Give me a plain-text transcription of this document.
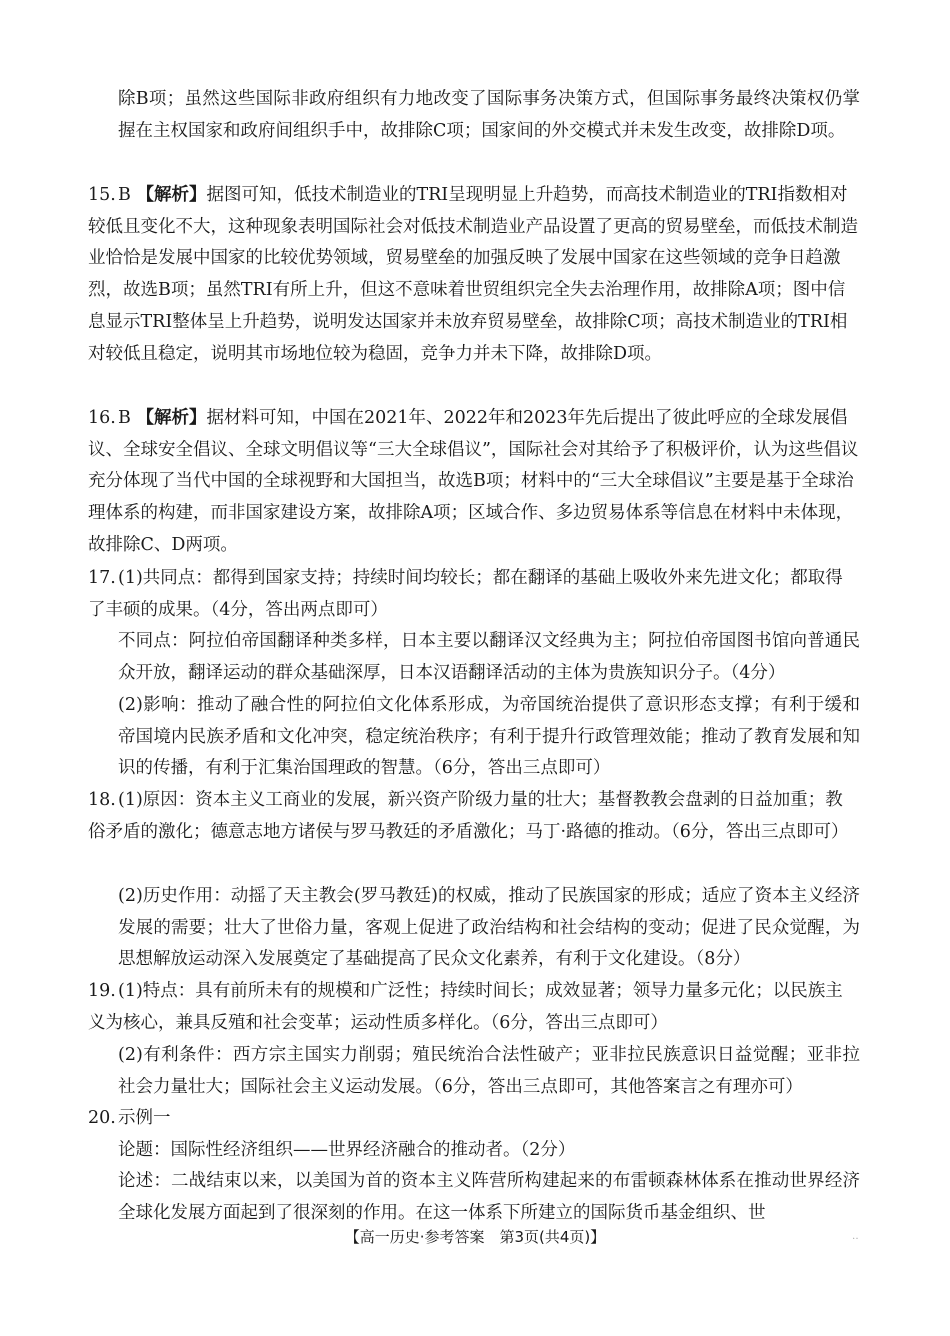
除B项；虽然这些国际非政府组织有力地改变了国际事务决策方式，但国际事务最终决策权仍掌握在主权国家和政府间组织手中，故排除C项；国家间的外交模式并未发生改变，故排除D项。

15. B 【解析】据图可知，低技术制造业的TRI呈现明显上升趋势，而高技术制造业的TRI指数相对较低且变化不大，这种现象表明国际社会对低技术制造业产品设置了更高的贸易壁垒，而低技术制造业恰恰是发展中国家的比较优势领域，贸易壁垒的加强反映了发展中国家在这些领域的竞争日趋激烈，故选B项；虽然TRI有所上升，但这不意味着世贸组织完全失去治理作用，故排除A项；图中信息显示TRI整体呈上升趋势，说明发达国家并未放弃贸易壁垒，故排除C项；高技术制造业的TRI相对较低且稳定，说明其市场地位较为稳固，竞争力并未下降，故排除D项。
16. B 【解析】据材料可知，中国在2021年、2022年和2023年先后提出了彼此呼应的全球发展倡议、全球安全倡议、全球文明倡议等“三大全球倡议”，国际社会对其给予了积极评价，认为这些倡议充分体现了当代中国的全球视野和大国担当，故选B项；材料中的“三大全球倡议”主要是基于全球治理体系的构建，而非国家建设方案，故排除A项；区域合作、多边贸易体系等信息在材料中未体现，故排除C、D两项。
17. (1)共同点：都得到国家支持；持续时间均较长；都在翻译的基础上吸收外来先进文化；都取得了丰硕的成果。（4分，答出两点即可）

不同点：阿拉伯帝国翻译种类多样，日本主要以翻译汉文经典为主；阿拉伯帝国图书馆向普通民众开放，翻译运动的群众基础深厚，日本汉语翻译活动的主体为贵族知识分子。（4分）

(2)影响：推动了融合性的阿拉伯文化体系形成，为帝国统治提供了意识形态支撑；有利于缓和帝国境内民族矛盾和文化冲突，稳定统治秩序；有利于提升行政管理效能；推动了教育发展和知识的传播，有利于汇集治国理政的智慧。（6分，答出三点即可）

18. (1)原因：资本主义工商业的发展，新兴资产阶级力量的壮大；基督教教会盘剥的日益加重；教俗矛盾的激化；德意志地方诸侯与罗马教廷的矛盾激化；马丁·路德的推动。（6分，答出三点即可）

(2)历史作用：动摇了天主教会(罗马教廷)的权威，推动了民族国家的形成；适应了资本主义经济发展的需要；壮大了世俗力量，客观上促进了政治结构和社会结构的变动；促进了民众觉醒，为思想解放运动深入发展奠定了基础提高了民众文化素养，有利于文化建设。（8分）

19. (1)特点：具有前所未有的规模和广泛性；持续时间长；成效显著；领导力量多元化；以民族主义为核心，兼具反殖和社会变革；运动性质多样化。（6分，答出三点即可）

(2)有利条件：西方宗主国实力削弱；殖民统治合法性破产；亚非拉民族意识日益觉醒；亚非拉社会力量壮大；国际社会主义运动发展。（6分，答出三点即可，其他答案言之有理亦可）

20. 示例一

论题：国际性经济组织——世界经济融合的推动者。（2分）

论述：二战结束以来，以美国为首的资本主义阵营所构建起来的布雷顿森林体系在推动世界经济全球化发展方面起到了很深刻的作用。在这一体系下所建立的国际货币基金组织、世

【高一历史·参考答案　第3页(共4页)】	‥
